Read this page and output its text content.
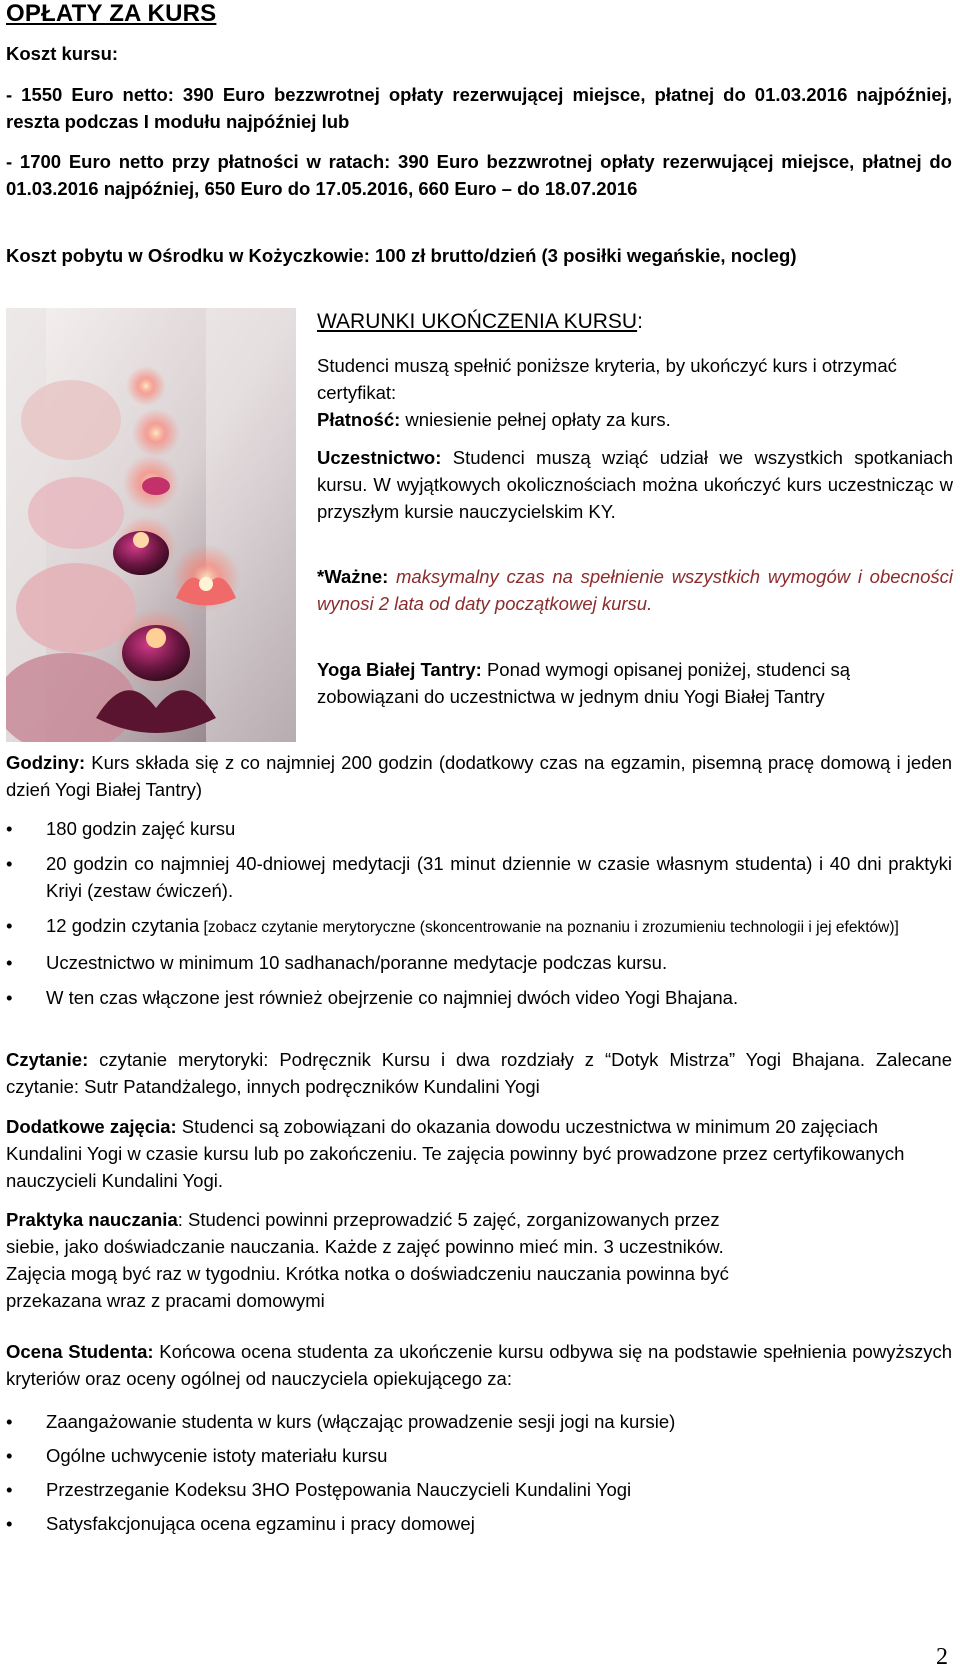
OPŁATY ZA KURS

Koszt kursu:

- 1550 Euro netto: 390 Euro bezzwrotnej opłaty rezerwującej miejsce, płatnej do 01.03.2016 najpóźniej, reszta podczas I modułu najpóźniej lub

- 1700 Euro netto przy płatności w ratach: 390 Euro bezzwrotnej opłaty rezerwującej miejsce, płatnej do 01.03.2016 najpóźniej, 650 Euro do 17.05.2016, 660 Euro – do 18.07.2016

Koszt pobytu w Ośrodku w Kożyczkowie: 100 zł brutto/dzień (3 posiłki wegańskie, nocleg)

WARUNKI UKOŃCZENIA KURSU:

Studenci muszą spełnić poniższe kryteria, by ukończyć kurs i otrzymać certyfikat:

Płatność: wniesienie pełnej opłaty za kurs.

Uczestnictwo: Studenci muszą wziąć udział we wszystkich spotkaniach kursu. W wyjątkowych okolicznościach można ukończyć kurs uczestnicząc w przyszłym kursie nauczycielskim KY.

*Ważne: maksymalny czas na spełnienie wszystkich wymogów i obecności wynosi 2 lata od daty początkowej kursu.

Yoga Białej Tantry: Ponad wymogi opisanej poniżej, studenci są zobowiązani do uczestnictwa w jednym dniu Yogi Białej Tantry

Godziny: Kurs składa się z co najmniej 200 godzin (dodatkowy czas na egzamin, pisemną pracę domową i jeden dzień Yogi Białej Tantry)

• 180 godzin zajęć kursu
• 20 godzin co najmniej 40-dniowej medytacji (31 minut dziennie w czasie własnym studenta) i 40 dni praktyki Kriyi (zestaw ćwiczeń).
• 12 godzin czytania [zobacz czytanie merytoryczne (skoncentrowanie na poznaniu i zrozumieniu technologii i jej efektów)]
• Uczestnictwo w minimum 10 sadhanach/poranne medytacje podczas kursu.
• W ten czas włączone jest również obejrzenie co najmniej dwóch video Yogi Bhajana.

Czytanie: czytanie merytoryki: Podręcznik Kursu i dwa rozdziały z “Dotyk Mistrza” Yogi Bhajana. Zalecane czytanie: Sutr Patandżalego, innych podręczników Kundalini Yogi

Dodatkowe zajęcia: Studenci są zobowiązani do okazania dowodu uczestnictwa w minimum 20 zajęciach Kundalini Yogi w czasie kursu lub po zakończeniu. Te zajęcia powinny być prowadzone przez certyfikowanych nauczycieli Kundalini Yogi.

Praktyka nauczania: Studenci powinni przeprowadzić 5 zajęć, zorganizowanych przez
siebie, jako doświadczanie nauczania. Każde z zajęć powinno mieć min. 3 uczestników.
Zajęcia mogą być raz w tygodniu. Krótka notka o doświadczeniu nauczania powinna być
przekazana wraz z pracami domowymi

Ocena Studenta: Końcowa ocena studenta za ukończenie kursu odbywa się na podstawie spełnienia powyższych kryteriów oraz oceny ogólnej od nauczyciela opiekującego za:

• Zaangażowanie studenta w kurs (włączając prowadzenie sesji jogi na kursie)
• Ogólne uchwycenie istoty materiału kursu
• Przestrzeganie Kodeksu 3HO Postępowania Nauczycieli Kundalini Yogi
• Satysfakcjonująca ocena egzaminu i pracy domowej
2
